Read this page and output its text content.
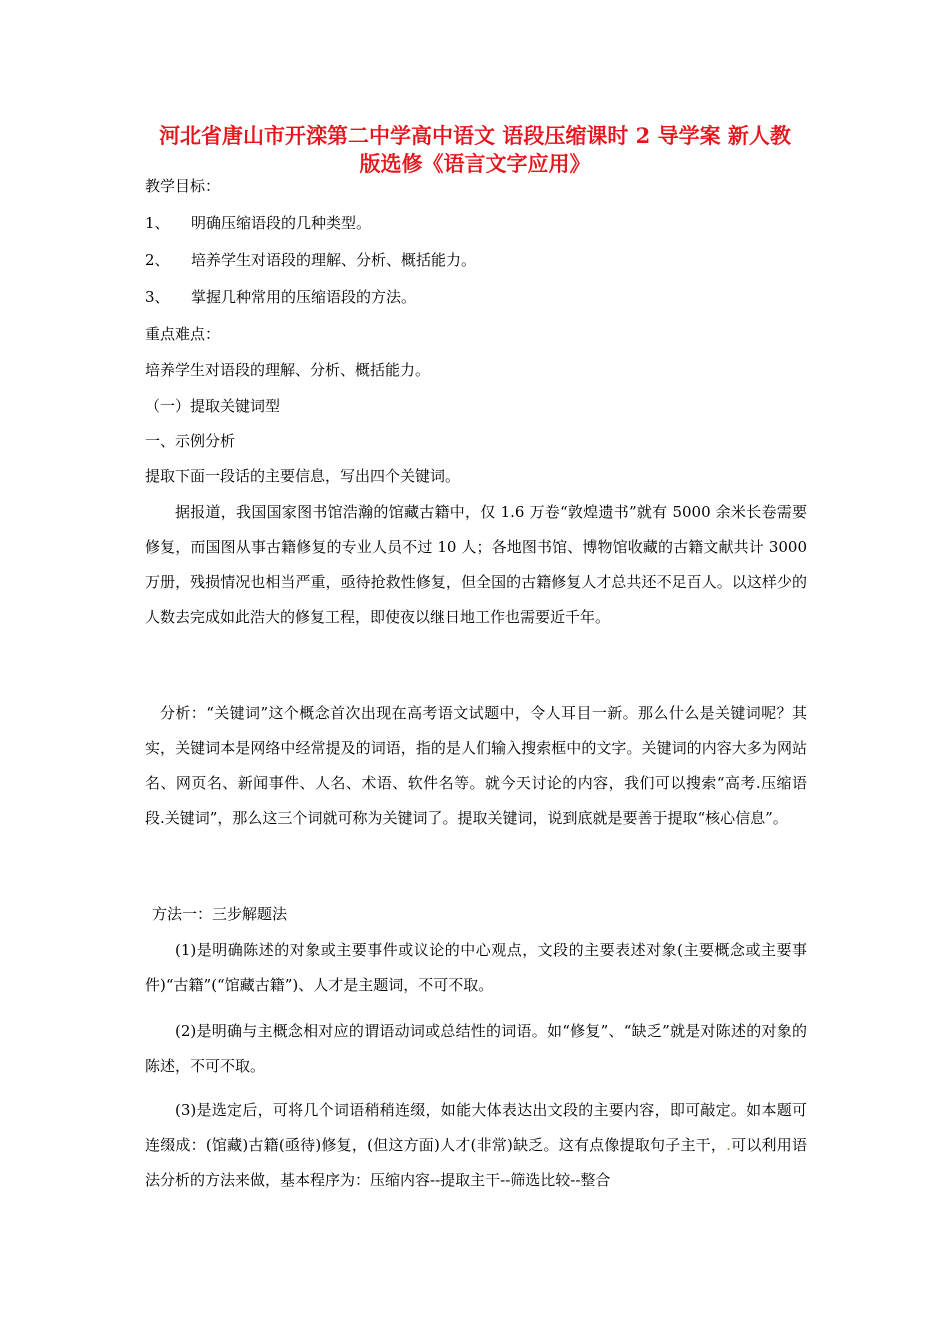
河北省唐山市开滦第二中学高中语文 语段压缩课时 2 导学案 新人教
版选修《语言文字应用》
教学目标：
1、 明确压缩语段的几种类型。
2、 培养学生对语段的理解、分析、概括能力。
3、 掌握几种常用的压缩语段的方法。
重点难点：
培养学生对语段的理解、分析、概括能力。
（一）提取关键词型
一、示例分析
提取下面一段话的主要信息，写出四个关键词。
据报道，我国国家图书馆浩瀚的馆藏古籍中，仅 1.6 万卷“敦煌遗书”就有 5000 余米长卷需要修复，而国图从事古籍修复的专业人员不过 10 人；各地图书馆、博物馆收藏的古籍文献共计 3000 万册，残损情况也相当严重，亟待抢救性修复，但全国的古籍修复人才总共还不足百人。以这样少的人数去完成如此浩大的修复工程，即使夜以继日地工作也需要近千年。
分析：“关键词”这个概念首次出现在高考语文试题中，令人耳目一新。那么什么是关键词呢？其实，关键词本是网络中经常提及的词语，指的是人们输入搜索框中的文字。关键词的内容大多为网站名、网页名、新闻事件、人名、术语、软件名等。就今天讨论的内容，我们可以搜索“高考.压缩语段.关键词”，那么这三个词就可称为关键词了。提取关键词，说到底就是要善于提取“核心信息”。
方法一：三步解题法
(1)是明确陈述的对象或主要事件或议论的中心观点，文段的主要表述对象(主要概念或主要事件)“古籍”(“馆藏古籍”)、人才是主题词，不可不取。
(2)是明确与主概念相对应的谓语动词或总结性的词语。如“修复”、“缺乏”就是对陈述的对象的陈述，不可不取。
(3)是选定后，可将几个词语稍稍连缀，如能大体表达出文段的主要内容，即可敲定。如本题可连缀成：(馆藏)古籍(亟待)修复，(但这方面)人才(非常)缺乏。这有点像提取句子主干，.可以利用语法分析的方法来做，基本程序为：压缩内容--提取主干--筛选比较--整合
